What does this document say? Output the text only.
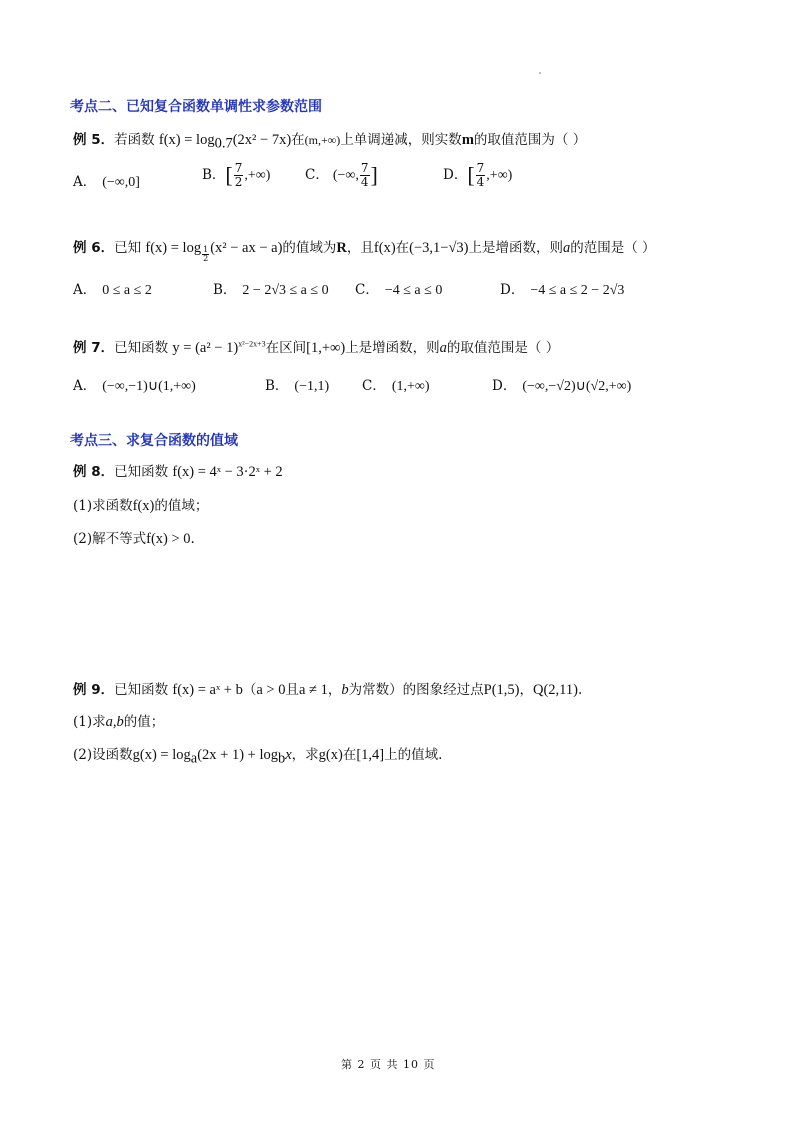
考点二、已知复合函数单调性求参数范围
例 5．若函数 $f(x) = \log_{0.7}(2x^2 - 7x)$在(m,+∞)上单调递减，则实数m的取值范围为（ ）
A． (−∞,0]	B．[ $\frac{7}{2}$ ,+∞)	C． (−∞, $\frac{7}{4}$ ]	D．[ $\frac{7}{4}$ ,+∞)
例 6．已知 $f(x) = \log \frac{1}{2} (x^2$ − ax − a)的值域为R，且f(x)在(−3,1−√3)上是增函数，则a的范围是（ ）
A． 0 ≤ a ≤ 2	B． 2 − 2√3 ≤ a ≤ 0 C． −4 ≤ a ≤ 0	D． −4 ≤ a ≤ 2 − 2√3
例 7．已知函数 $y = (a^2 - 1)^{x^2-2x+3}$在区间[1,+∞)上是增函数，则a的取值范围是（ ）
A． (−∞,−1)∪(1,+∞)	B． (−1,1) C． (1,+∞)	D． (−∞,−√2)∪(√2,+∞)
考点三、求复合函数的值域
例 8．已知函数 f(x) = 4ˣ − 3·2ˣ + 2
(1)求函数f(x)的值域；
(2)解不等式f(x) > 0.
例 9．已知函数 f(x) = aˣ + b（a > 0且a ≠ 1，b为常数）的图象经过点P(1,5)，Q(2,11).
(1)求a,b的值；
(2)设函数$g(x) = \log_a(2x + 1) + \log_bx$，求g(x)在[1,4]上的值域.
第 2 页 共 10 页
